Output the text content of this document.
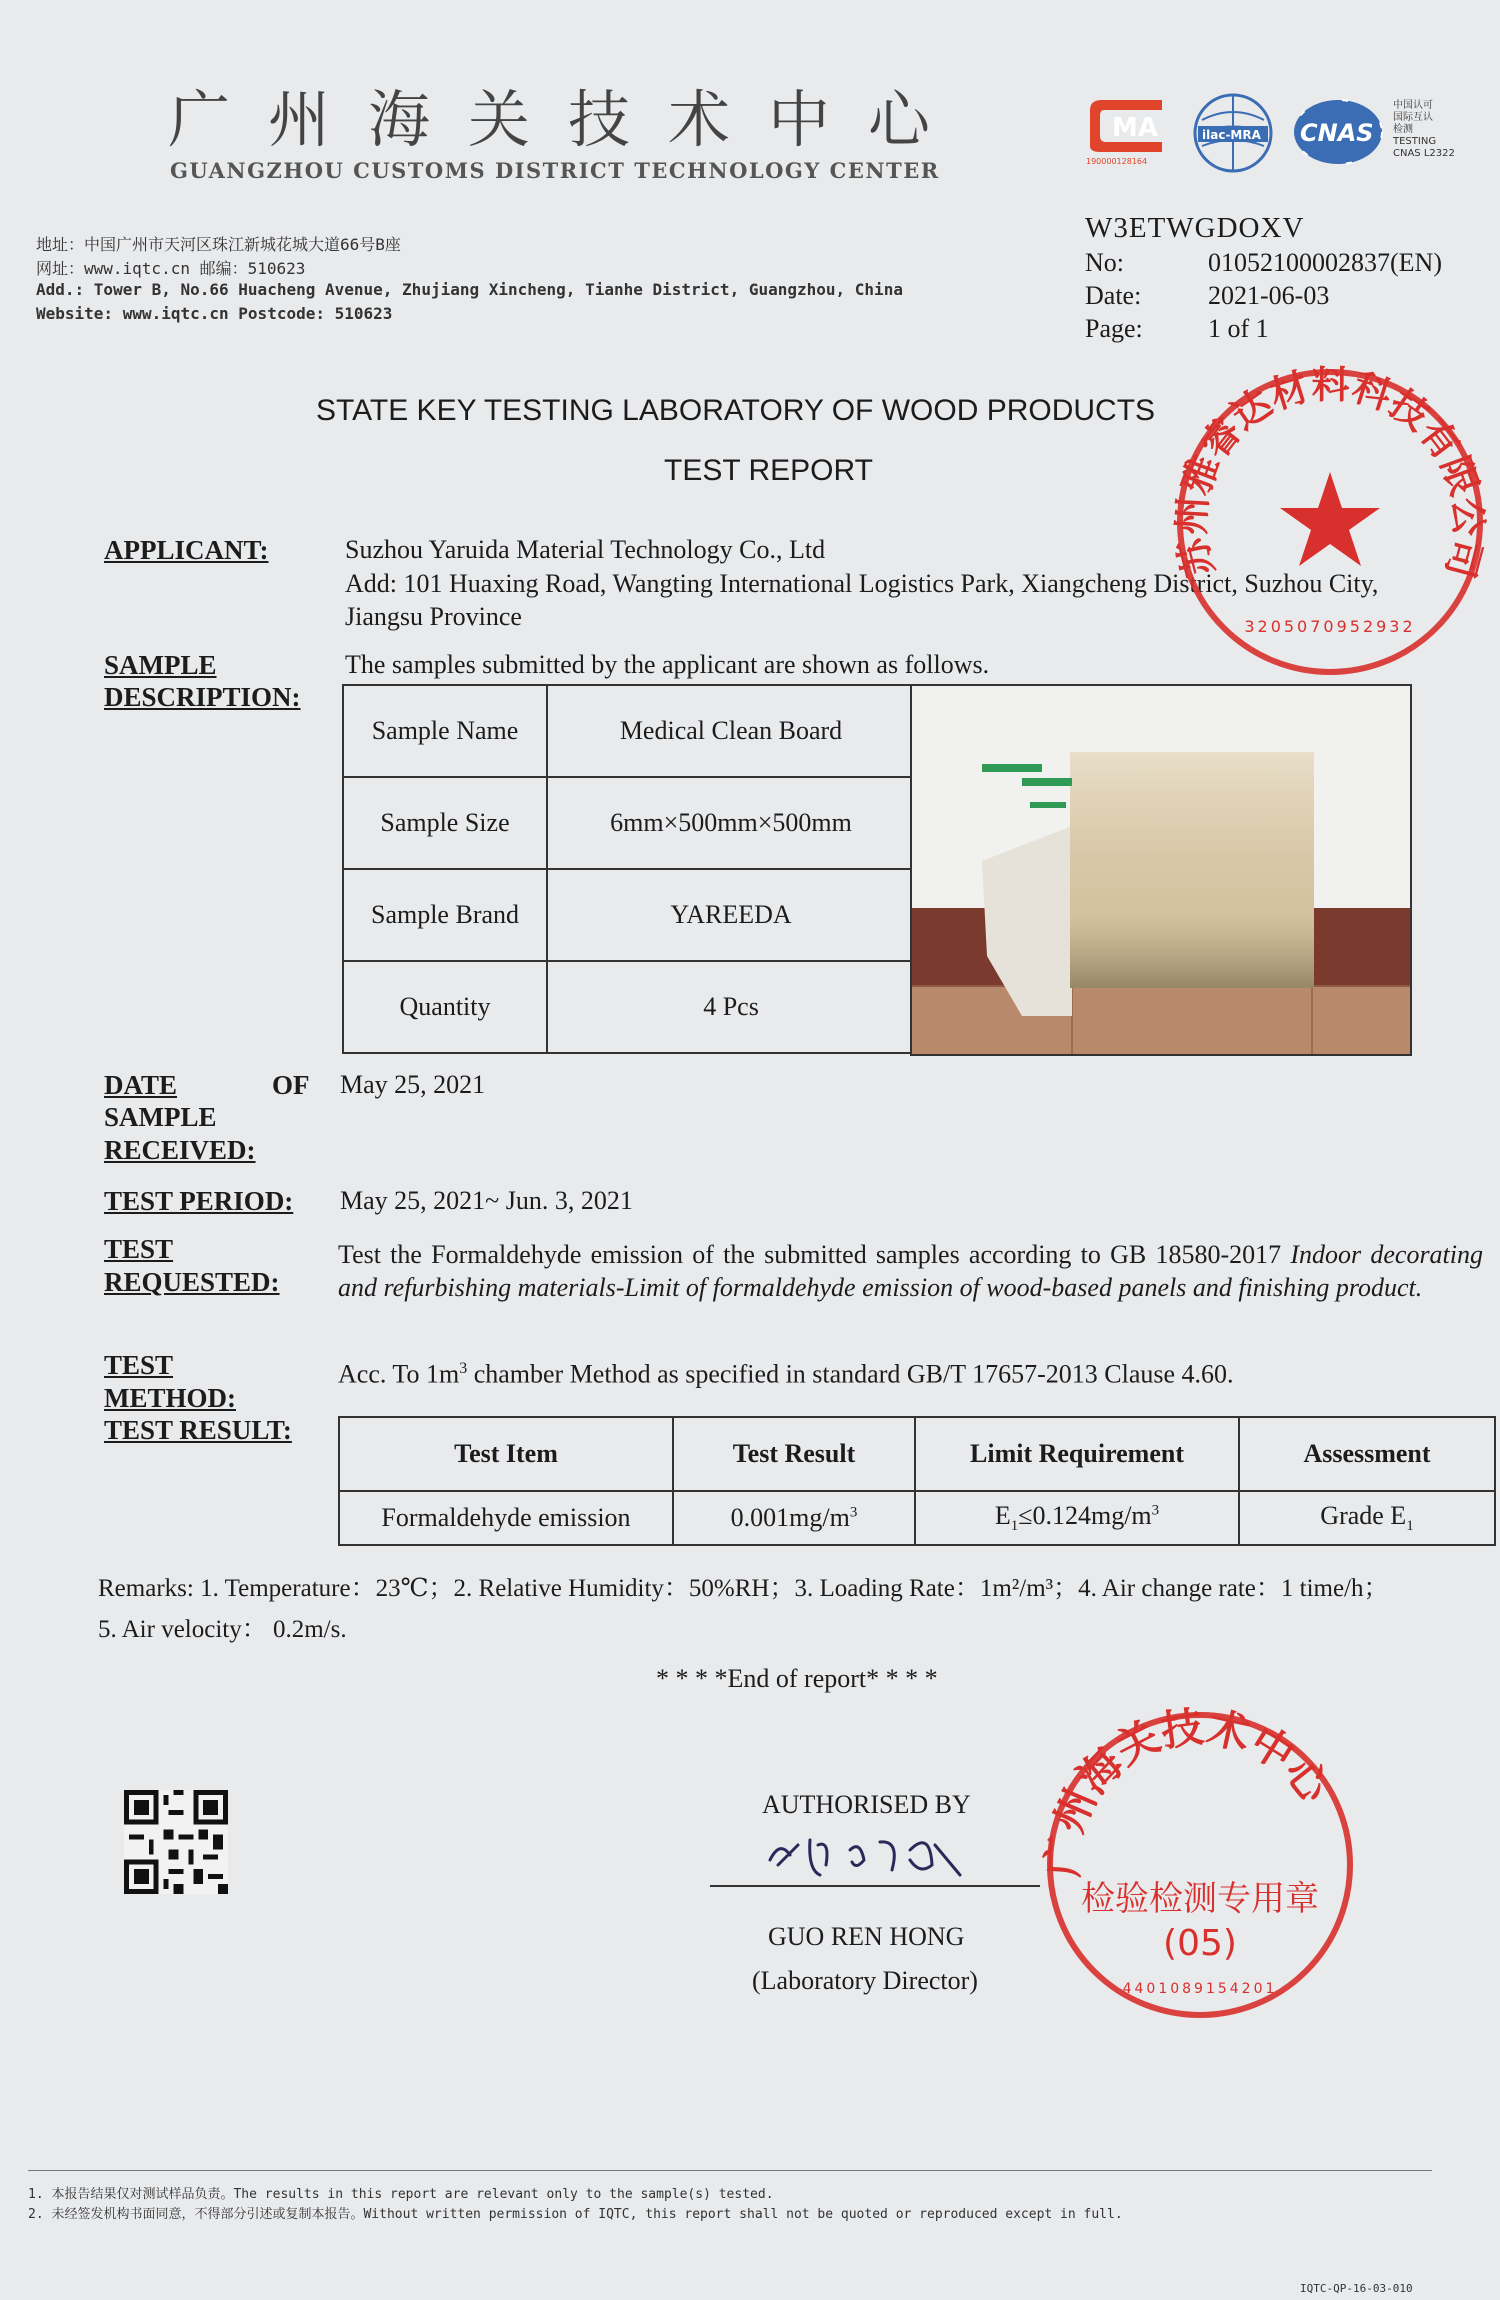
广州海关技术中心
GUANGZHOU CUSTOMS DISTRICT TECHNOLOGY CENTER
地址：中国广州市天河区珠江新城花城大道66号B座
网址：www.iqtc.cn 邮编：510623
Add.: Tower B, No.66 Huacheng Avenue, Zhujiang Xincheng, Tianhe District, Guangzhou, China
Website: www.iqtc.cn Postcode: 510623
MA
190000128164
ilac-MRA CNAS
中国认可 国际互认 检测
TESTING
CNAS L2322
W3ETWGDOXV
No:	01052100002837(EN)
Date:	2021-06-03
Page:	1 of 1
STATE KEY TESTING LABORATORY OF WOOD PRODUCTS
TEST REPORT
APPLICANT:	Suzhou Yaruida Material Technology Co., Ltd
Add: 101 Huaxing Road, Wangting International Logistics Park, Xiangcheng District, Suzhou City,
Jiangsu Province
SAMPLE
DESCRIPTION:
The samples submitted by the applicant are shown as follows.
Sample Name	Medical Clean Board
Sample Size	6mm×500mm×500mm
Sample Brand	YAREEDA
Quantity	4 Pcs
DATE	OF
SAMPLE
RECEIVED:
May 25, 2021
TEST PERIOD: May 25, 2021~ Jun. 3, 2021
TEST
REQUESTED:
Test the Formaldehyde emission of the submitted samples according to GB 18580-2017 Indoor decorating and refurbishing materials-Limit of formaldehyde emission of wood-based panels and finishing product.
TEST
METHOD:
Acc. To $1m^3$ chamber Method as specified in standard GB/T 17657-2013 Clause 4.60.
TEST RESULT:
Test Item	Test Result	Limit Requirement	Assessment
Formaldehyde emission	$0.001mg/m^3$	$E_1\le 0.124mg/m^3$	Grade $E_1$
Remarks: 1. Temperature：23℃；2. Relative Humidity：50%RH；3. Loading Rate：1m²/m³；4. Air change rate：1 time/h；
5. Air velocity： 0.2m/s.
* * * *End of report* * * *
AUTHORISED BY
GUO REN HONG
(Laboratory Director)
苏州雅睿达材料科技有限公司
3205070952932
广州海关技术中心
检验检测专用章
(05)
4401089154201
1. 本报告结果仅对测试样品负责。The results in this report are relevant only to the sample(s) tested.
2. 未经签发机构书面同意，不得部分引述或复制本报告。Without written permission of IQTC, this report shall not be quoted or reproduced except in full.
IQTC-QP-16-03-010
